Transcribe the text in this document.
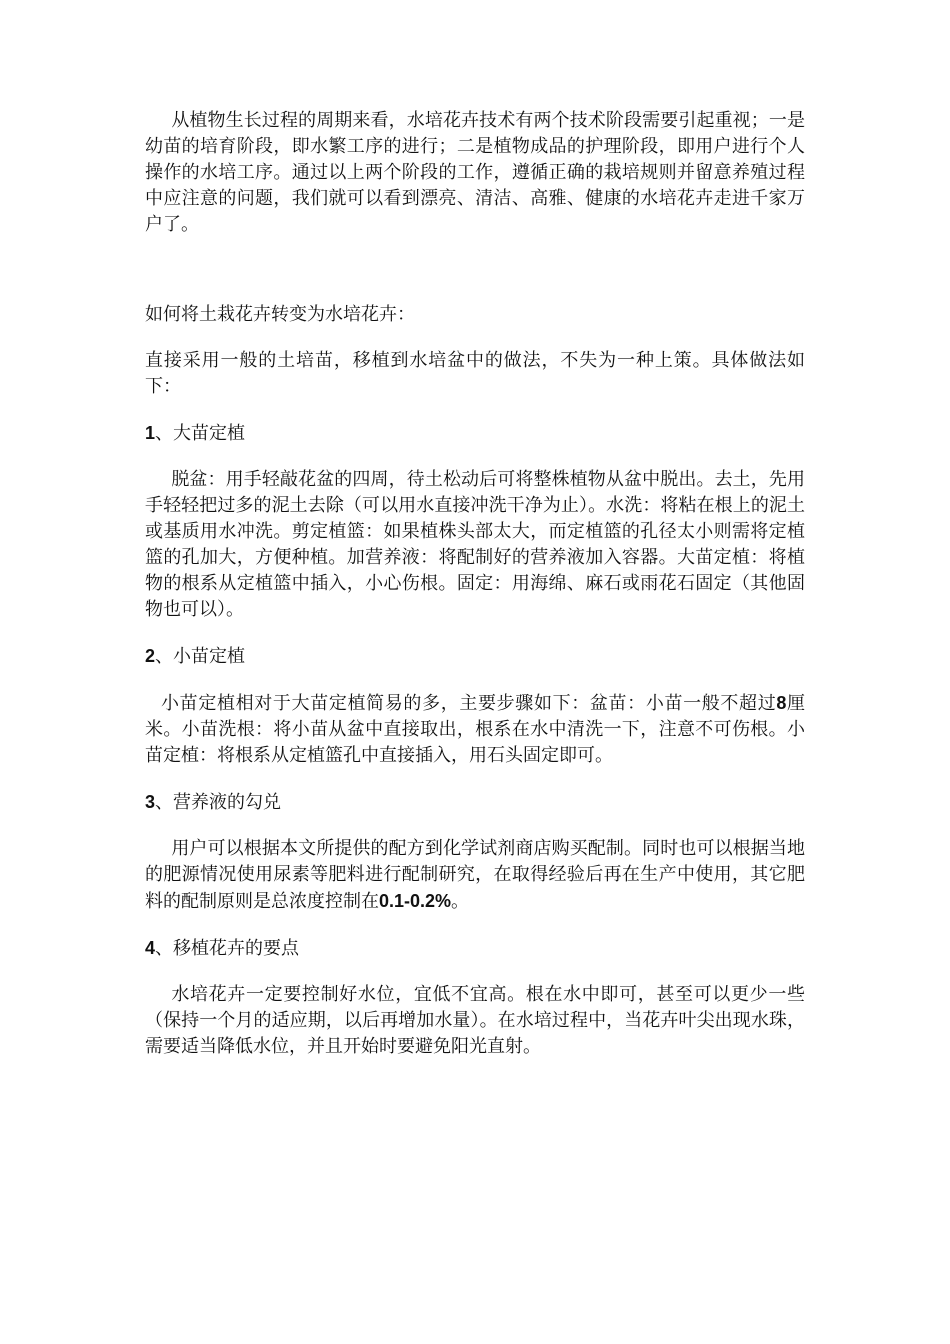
从植物生长过程的周期来看，水培花卉技术有两个技术阶段需要引起重视；一是幼苗的培育阶段，即水繁工序的进行；二是植物成品的护理阶段，即用户进行个人操作的水培工序。通过以上两个阶段的工作，遵循正确的栽培规则并留意养殖过程中应注意的问题，我们就可以看到漂亮、清洁、高雅、健康的水培花卉走进千家万户了。

如何将土栽花卉转变为水培花卉：

直接采用一般的土培苗，移植到水培盆中的做法，不失为一种上策。具体做法如下：

1、大苗定植

脱盆：用手轻敲花盆的四周，待土松动后可将整株植物从盆中脱出。去土，先用手轻轻把过多的泥土去除（可以用水直接冲洗干净为止）。水洗：将粘在根上的泥土或基质用水冲洗。剪定植篮：如果植株头部太大，而定植篮的孔径太小则需将定植篮的孔加大，方便种植。加营养液：将配制好的营养液加入容器。大苗定植：将植物的根系从定植篮中插入，小心伤根。固定：用海绵、麻石或雨花石固定（其他固物也可以）。

2、小苗定植

小苗定植相对于大苗定植简易的多，主要步骤如下：盆苗：小苗一般不超过8厘米。小苗洗根：将小苗从盆中直接取出，根系在水中清洗一下，注意不可伤根。小苗定植：将根系从定植篮孔中直接插入，用石头固定即可。

3、营养液的勾兑

用户可以根据本文所提供的配方到化学试剂商店购买配制。同时也可以根据当地的肥源情况使用尿素等肥料进行配制研究，在取得经验后再在生产中使用，其它肥料的配制原则是总浓度控制在0.1-0.2%。

4、移植花卉的要点

水培花卉一定要控制好水位，宜低不宜高。根在水中即可，甚至可以更少一些（保持一个月的适应期，以后再增加水量）。在水培过程中，当花卉叶尖出现水珠，需要适当降低水位，并且开始时要避免阳光直射。
